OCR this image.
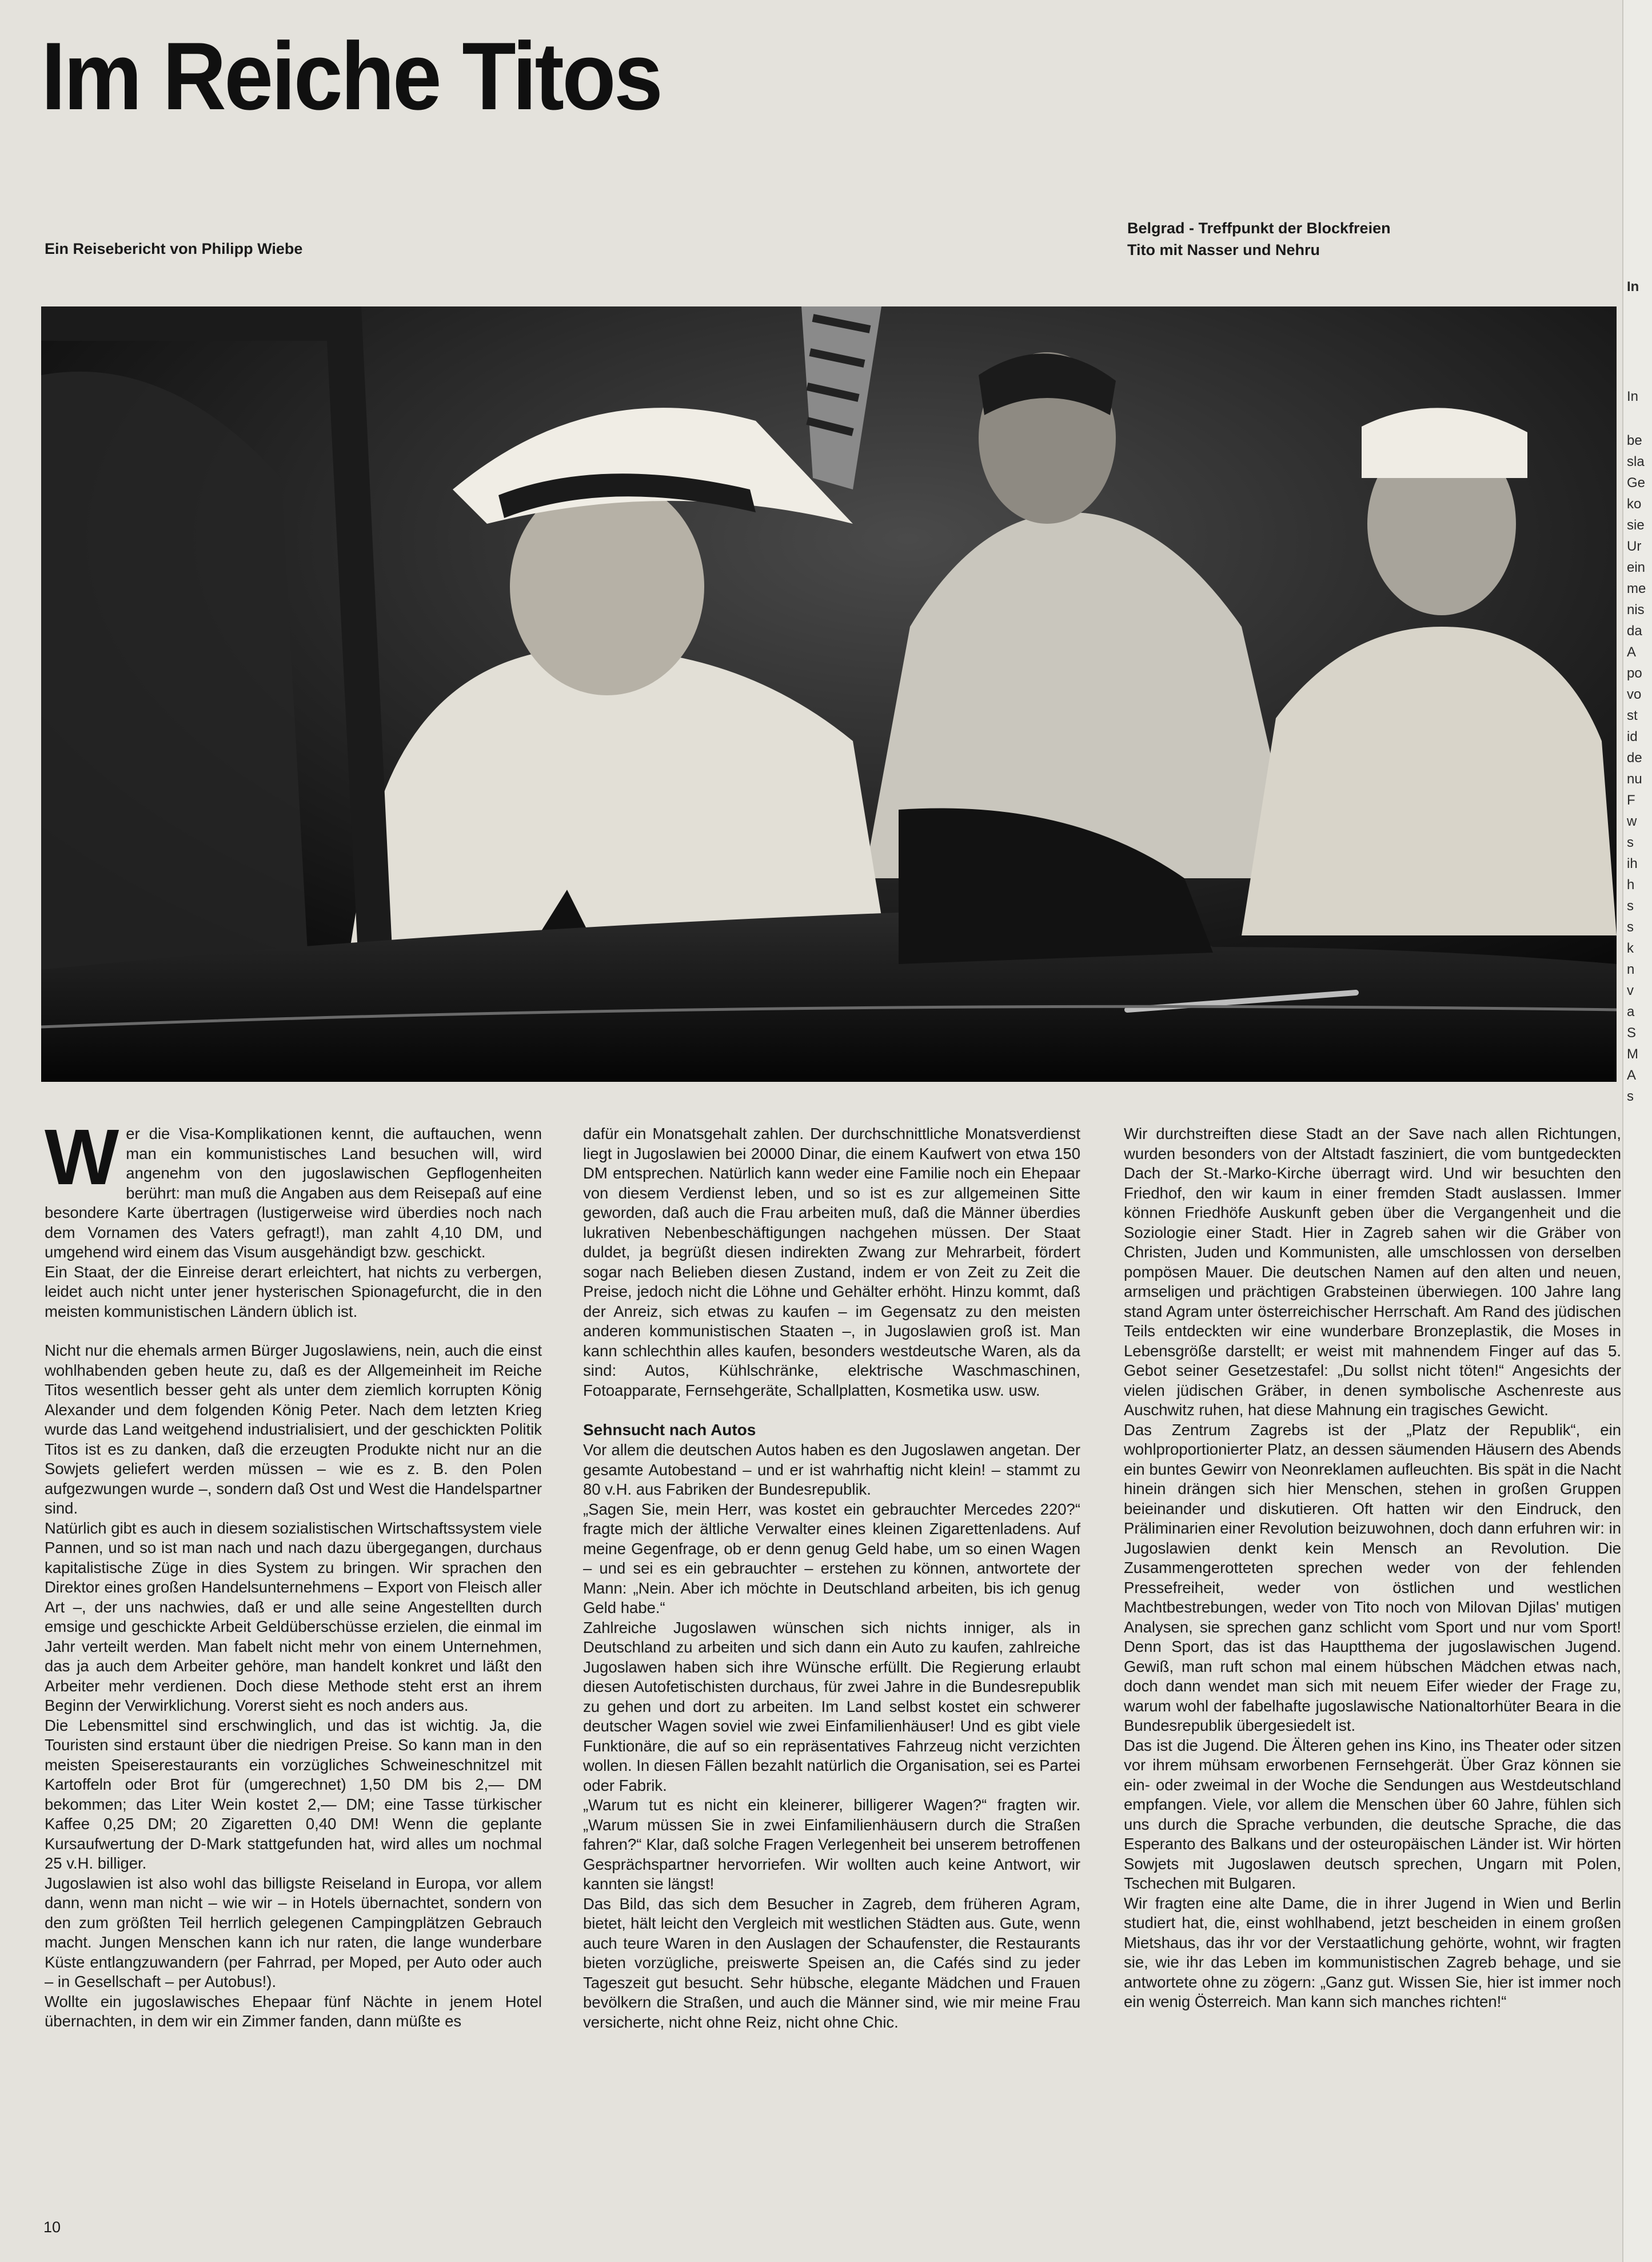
Im Reiche Titos
Ein Reisebericht von Philipp Wiebe
Belgrad - Treffpunkt der Blockfreien
Tito mit Nasser und Nehru

Wer die Visa-Komplikationen kennt, die auftauchen, wenn man ein kommunistisches Land besuchen will, wird angenehm von den jugoslawischen Gepflogenheiten berührt: man muß die Angaben aus dem Reisepaß auf eine besondere Karte übertragen (lustigerweise wird überdies noch nach dem Vornamen des Vaters gefragt!), man zahlt 4,10 DM, und umgehend wird einem das Visum ausgehändigt bzw. geschickt.

Ein Staat, der die Einreise derart erleichtert, hat nichts zu verbergen, leidet auch nicht unter jener hysterischen Spionagefurcht, die in den meisten kommunistischen Ländern üblich ist.

Nicht nur die ehemals armen Bürger Jugoslawiens, nein, auch die einst wohlhabenden geben heute zu, daß es der Allgemeinheit im Reiche Titos wesentlich besser geht als unter dem ziemlich korrupten König Alexander und dem folgenden König Peter. Nach dem letzten Krieg wurde das Land weitgehend industrialisiert, und der geschickten Politik Titos ist es zu danken, daß die erzeugten Produkte nicht nur an die Sowjets geliefert werden müssen – wie es z. B. den Polen aufgezwungen wurde –, sondern daß Ost und West die Handelspartner sind.

Natürlich gibt es auch in diesem sozialistischen Wirtschaftssystem viele Pannen, und so ist man nach und nach dazu übergegangen, durchaus kapitalistische Züge in dies System zu bringen. Wir sprachen den Direktor eines großen Handelsunternehmens – Export von Fleisch aller Art –, der uns nachwies, daß er und alle seine Angestellten durch emsige und geschickte Arbeit Geldüberschüsse erzielen, die einmal im Jahr verteilt werden. Man fabelt nicht mehr von einem Unternehmen, das ja auch dem Arbeiter gehöre, man handelt konkret und läßt den Arbeiter mehr verdienen. Doch diese Methode steht erst an ihrem Beginn der Verwirklichung. Vorerst sieht es noch anders aus.

Die Lebensmittel sind erschwinglich, und das ist wichtig. Ja, die Touristen sind erstaunt über die niedrigen Preise. So kann man in den meisten Speiserestaurants ein vorzügliches Schweineschnitzel mit Kartoffeln oder Brot für (umgerechnet) 1,50 DM bis 2,— DM bekommen; das Liter Wein kostet 2,— DM; eine Tasse türkischer Kaffee 0,25 DM; 20 Zigaretten 0,40 DM! Wenn die geplante Kursaufwertung der D-Mark stattgefunden hat, wird alles um nochmal 25 v.H. billiger.

Jugoslawien ist also wohl das billigste Reiseland in Europa, vor allem dann, wenn man nicht – wie wir – in Hotels übernachtet, sondern von den zum größten Teil herrlich gelegenen Campingplätzen Gebrauch macht. Jungen Menschen kann ich nur raten, die lange wunderbare Küste entlangzuwandern (per Fahrrad, per Moped, per Auto oder auch – in Gesellschaft – per Autobus!).

Wollte ein jugoslawisches Ehepaar fünf Nächte in jenem Hotel übernachten, in dem wir ein Zimmer fanden, dann müßte es

dafür ein Monatsgehalt zahlen. Der durchschnittliche Monatsverdienst liegt in Jugoslawien bei 20000 Dinar, die einem Kaufwert von etwa 150 DM entsprechen. Natürlich kann weder eine Familie noch ein Ehepaar von diesem Verdienst leben, und so ist es zur allgemeinen Sitte geworden, daß auch die Frau arbeiten muß, daß die Männer überdies lukrativen Nebenbeschäftigungen nachgehen müssen. Der Staat duldet, ja begrüßt diesen indirekten Zwang zur Mehrarbeit, fördert sogar nach Belieben diesen Zustand, indem er von Zeit zu Zeit die Preise, jedoch nicht die Löhne und Gehälter erhöht. Hinzu kommt, daß der Anreiz, sich etwas zu kaufen – im Gegensatz zu den meisten anderen kommunistischen Staaten –, in Jugoslawien groß ist. Man kann schlechthin alles kaufen, besonders westdeutsche Waren, als da sind: Autos, Kühlschränke, elektrische Waschmaschinen, Fotoapparate, Fernsehgeräte, Schallplatten, Kosmetika usw. usw.

Sehnsucht nach Autos

Vor allem die deutschen Autos haben es den Jugoslawen angetan. Der gesamte Autobestand – und er ist wahrhaftig nicht klein! – stammt zu 80 v.H. aus Fabriken der Bundesrepublik.

„Sagen Sie, mein Herr, was kostet ein gebrauchter Mercedes 220?“ fragte mich der ältliche Verwalter eines kleinen Zigarettenladens. Auf meine Gegenfrage, ob er denn genug Geld habe, um so einen Wagen – und sei es ein gebrauchter – erstehen zu können, antwortete der Mann: „Nein. Aber ich möchte in Deutschland arbeiten, bis ich genug Geld habe.“

Zahlreiche Jugoslawen wünschen sich nichts inniger, als in Deutschland zu arbeiten und sich dann ein Auto zu kaufen, zahlreiche Jugoslawen haben sich ihre Wünsche erfüllt. Die Regierung erlaubt diesen Autofetischisten durchaus, für zwei Jahre in die Bundesrepublik zu gehen und dort zu arbeiten. Im Land selbst kostet ein schwerer deutscher Wagen soviel wie zwei Einfamilienhäuser! Und es gibt viele Funktionäre, die auf so ein repräsentatives Fahrzeug nicht verzichten wollen. In diesen Fällen bezahlt natürlich die Organisation, sei es Partei oder Fabrik.

„Warum tut es nicht ein kleinerer, billigerer Wagen?“ fragten wir. „Warum müssen Sie in zwei Einfamilienhäusern durch die Straßen fahren?“ Klar, daß solche Fragen Verlegenheit bei unserem betroffenen Gesprächspartner hervorriefen. Wir wollten auch keine Antwort, wir kannten sie längst!

Das Bild, das sich dem Besucher in Zagreb, dem früheren Agram, bietet, hält leicht den Vergleich mit westlichen Städten aus. Gute, wenn auch teure Waren in den Auslagen der Schaufenster, die Restaurants bieten vorzügliche, preiswerte Speisen an, die Cafés sind zu jeder Tageszeit gut besucht. Sehr hübsche, elegante Mädchen und Frauen bevölkern die Straßen, und auch die Männer sind, wie mir meine Frau versicherte, nicht ohne Reiz, nicht ohne Chic.

Wir durchstreiften diese Stadt an der Save nach allen Richtungen, wurden besonders von der Altstadt fasziniert, die vom buntgedeckten Dach der St.-Marko-Kirche überragt wird. Und wir besuchten den Friedhof, den wir kaum in einer fremden Stadt auslassen. Immer können Friedhöfe Auskunft geben über die Vergangenheit und die Soziologie einer Stadt. Hier in Zagreb sahen wir die Gräber von Christen, Juden und Kommunisten, alle umschlossen von derselben pompösen Mauer. Die deutschen Namen auf den alten und neuen, armseligen und prächtigen Grabsteinen überwiegen. 100 Jahre lang stand Agram unter österreichischer Herrschaft. Am Rand des jüdischen Teils entdeckten wir eine wunderbare Bronzeplastik, die Moses in Lebensgröße darstellt; er weist mit mahnendem Finger auf das 5. Gebot seiner Gesetzestafel: „Du sollst nicht töten!“ Angesichts der vielen jüdischen Gräber, in denen symbolische Aschenreste aus Auschwitz ruhen, hat diese Mahnung ein tragisches Gewicht.

Das Zentrum Zagrebs ist der „Platz der Republik“, ein wohlproportionierter Platz, an dessen säumenden Häusern des Abends ein buntes Gewirr von Neonreklamen aufleuchten. Bis spät in die Nacht hinein drängen sich hier Menschen, stehen in großen Gruppen beieinander und diskutieren. Oft hatten wir den Eindruck, den Präliminarien einer Revolution beizuwohnen, doch dann erfuhren wir: in Jugoslawien denkt kein Mensch an Revolution. Die Zusammengerotteten sprechen weder von der fehlenden Pressefreiheit, weder von östlichen und westlichen Machtbestrebungen, weder von Tito noch von Milovan Djilas' mutigen Analysen, sie sprechen ganz schlicht vom Sport und nur vom Sport! Denn Sport, das ist das Hauptthema der jugoslawischen Jugend. Gewiß, man ruft schon mal einem hübschen Mädchen etwas nach, doch dann wendet man sich mit neuem Eifer wieder der Frage zu, warum wohl der fabelhafte jugoslawische Nationaltorhüter Beara in die Bundesrepublik übergesiedelt ist.

Das ist die Jugend. Die Älteren gehen ins Kino, ins Theater oder sitzen vor ihrem mühsam erworbenen Fernsehgerät. Über Graz können sie ein- oder zweimal in der Woche die Sendungen aus Westdeutschland empfangen. Viele, vor allem die Menschen über 60 Jahre, fühlen sich uns durch die Sprache verbunden, die deutsche Sprache, die das Esperanto des Balkans und der osteuropäischen Länder ist. Wir hörten Sowjets mit Jugoslawen deutsch sprechen, Ungarn mit Polen, Tschechen mit Bulgaren.

Wir fragten eine alte Dame, die in ihrer Jugend in Wien und Berlin studiert hat, die, einst wohlhabend, jetzt bescheiden in einem großen Mietshaus, das ihr vor der Verstaatlichung gehörte, wohnt, wir fragten sie, wie ihr das Leben im kommunistischen Zagreb behage, und sie antwortete ohne zu zögern: „Ganz gut. Wissen Sie, hier ist immer noch ein wenig Österreich. Man kann sich manches richten!“

10
In
In
be
sla
Ge
ko
sie
Ur
ein
me
nis
da
A
po
vo
st
id
de
nu
F
w
s
ih
h
s
s
k
n
v
a
S
M
A
s
